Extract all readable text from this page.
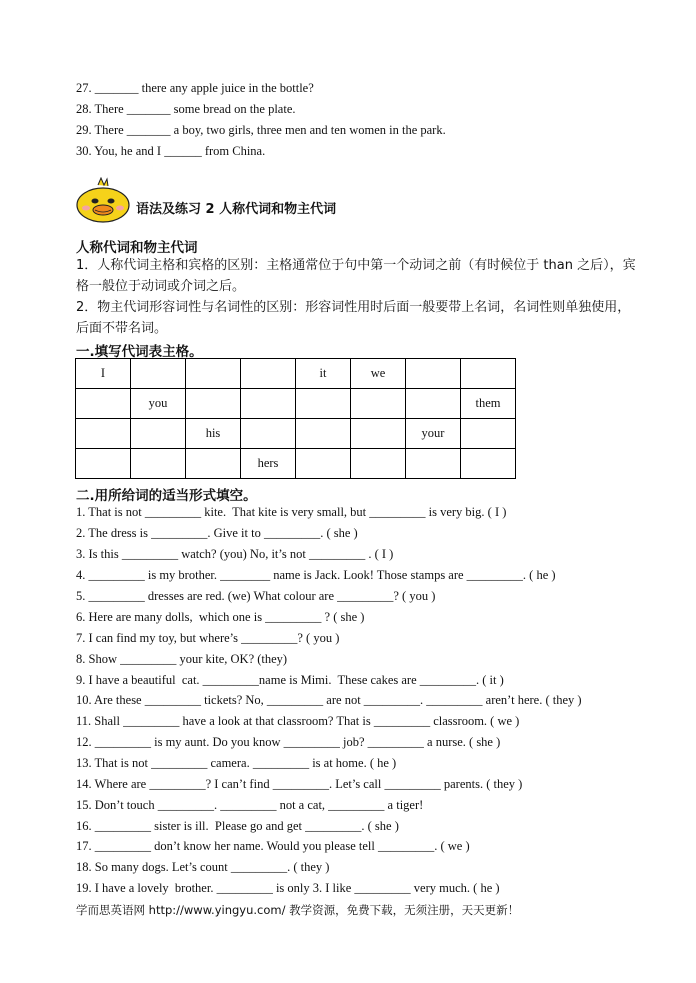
27. _______ there any apple juice in the bottle?
28. There _______ some bread on the plate.
29. There _______ a boy, two girls, three men and ten women in the park.
30. You, he and I ______ from China.
语法及练习 2 人称代词和物主代词
人称代词和物主代词
1．人称代词主格和宾格的区别：主格通常位于句中第一个动词之前（有时候位于 than 之后），宾格一般位于动词或介词之后。
2．物主代词形容词性与名词性的区别：形容词性用时后面一般要带上名词，名词性则单独使用，后面不带名词。
一.填写代词表主格。
I				it	we		
	you						them
		his				your	
			hers				
二.用所给词的适当形式填空。
1. That is not _________ kite.  That kite is very small, but _________ is very big. ( I )
2. The dress is _________. Give it to _________. ( she )
3. Is this _________ watch? (you) No, it’s not _________ . ( I )
4. _________ is my brother. ________ name is Jack. Look! Those stamps are _________. ( he )
5. _________ dresses are red. (we) What colour are _________? ( you )
6. Here are many dolls,  which one is _________ ? ( she )
7. I can find my toy, but where’s _________? ( you )
8. Show _________ your kite, OK? (they)
9. I have a beautiful  cat. _________name is Mimi.  These cakes are _________. ( it )
10. Are these _________ tickets? No, _________ are not _________. _________ aren’t here. ( they )
11. Shall _________ have a look at that classroom? That is _________ classroom. ( we )
12. _________ is my aunt. Do you know _________ job? _________ a nurse. ( she )
13. That is not _________ camera. _________ is at home. ( he )
14. Where are _________? I can’t find _________. Let’s call _________ parents. ( they )
15. Don’t touch _________. _________ not a cat, _________ a tiger!
16. _________ sister is ill.  Please go and get _________. ( she )
17. _________ don’t know her name. Would you please tell _________. ( we )
18. So many dogs. Let’s count _________. ( they )
19. I have a lovely  brother. _________ is only 3. I like _________ very much. ( he )
学而思英语网 http://www.yingyu.com/ 教学资源，免费下载，无须注册，天天更新！
